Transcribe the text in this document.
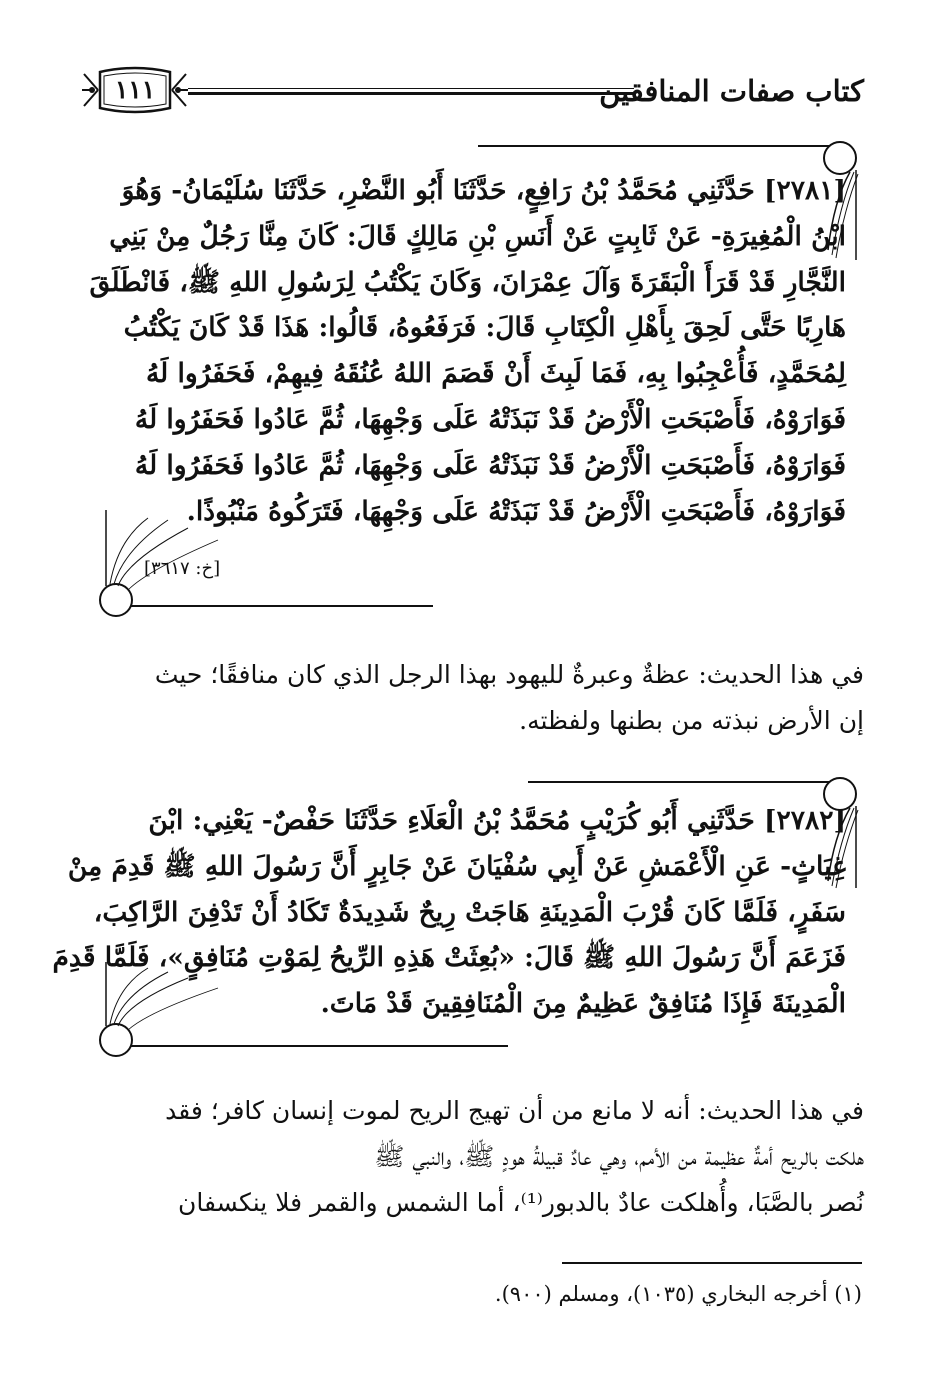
كتاب صفات المنافقين
١١١
[٢٧٨١] حَدَّثَنِي مُحَمَّدُ بْنُ رَافِعٍ، حَدَّثَنَا أَبُو النَّضْرِ، حَدَّثَنَا سُلَيْمَانُ- وَهُوَ
ابْنُ الْمُغِيرَةِ- عَنْ ثَابِتٍ عَنْ أَنَسِ بْنِ مَالِكٍ قَالَ: كَانَ مِنَّا رَجُلٌ مِنْ بَنِي
النَّجَّارِ قَدْ قَرَأَ الْبَقَرَةَ وَآلَ عِمْرَانَ، وَكَانَ يَكْتُبُ لِرَسُولِ اللهِ ﷺ، فَانْطَلَقَ
هَارِبًا حَتَّى لَحِقَ بِأَهْلِ الْكِتَابِ قَالَ: فَرَفَعُوهُ، قَالُوا: هَذَا قَدْ كَانَ يَكْتُبُ
لِمُحَمَّدٍ، فَأُعْجِبُوا بِهِ، فَمَا لَبِثَ أَنْ قَصَمَ اللهُ عُنُقَهُ فِيهِمْ، فَحَفَرُوا لَهُ
فَوَارَوْهُ، فَأَصْبَحَتِ الْأَرْضُ قَدْ نَبَذَتْهُ عَلَى وَجْهِهَا، ثُمَّ عَادُوا فَحَفَرُوا لَهُ
فَوَارَوْهُ، فَأَصْبَحَتِ الْأَرْضُ قَدْ نَبَذَتْهُ عَلَى وَجْهِهَا، ثُمَّ عَادُوا فَحَفَرُوا لَهُ
فَوَارَوْهُ، فَأَصْبَحَتِ الْأَرْضُ قَدْ نَبَذَتْهُ عَلَى وَجْهِهَا، فَتَرَكُوهُ مَنْبُوذًا.
[خ: ٣٦١٧]
في هذا الحديث: عظةٌ وعبرةٌ لليهود بهذا الرجل الذي كان منافقًا؛ حيث
إن الأرض نبذته من بطنها ولفظته.
[٢٧٨٢] حَدَّثَنِي أَبُو كُرَيْبٍ مُحَمَّدُ بْنُ الْعَلَاءِ حَدَّثَنَا حَفْصٌ- يَعْنِي: ابْنَ
غِيَاثٍ- عَنِ الْأَعْمَشِ عَنْ أَبِي سُفْيَانَ عَنْ جَابِرٍ أَنَّ رَسُولَ اللهِ ﷺ قَدِمَ مِنْ
سَفَرٍ، فَلَمَّا كَانَ قُرْبَ الْمَدِينَةِ هَاجَتْ رِيحٌ شَدِيدَةٌ تَكَادُ أَنْ تَدْفِنَ الرَّاكِبَ،
فَزَعَمَ أَنَّ رَسُولَ اللهِ ﷺ قَالَ: «بُعِثَتْ هَذِهِ الرِّيحُ لِمَوْتِ مُنَافِقٍ»، فَلَمَّا قَدِمَ
الْمَدِينَةَ فَإِذَا مُنَافِقٌ عَظِيمٌ مِنَ الْمُنَافِقِينَ قَدْ مَاتَ.
في هذا الحديث: أنه لا مانع من أن تهيج الريح لموت إنسان كافر؛ فقد
هلكت بالريح أمةٌ عظيمة من الأمم، وهي عادٌ قبيلةُ هودٍ ﷺ، والنبي ﷺ
نُصر بالصَّبَا، وأُهلكت عادٌ بالدبور⁽¹⁾، أما الشمس والقمر فلا ينكسفان
(١) أخرجه البخاري (١٠٣٥)، ومسلم (٩٠٠).
